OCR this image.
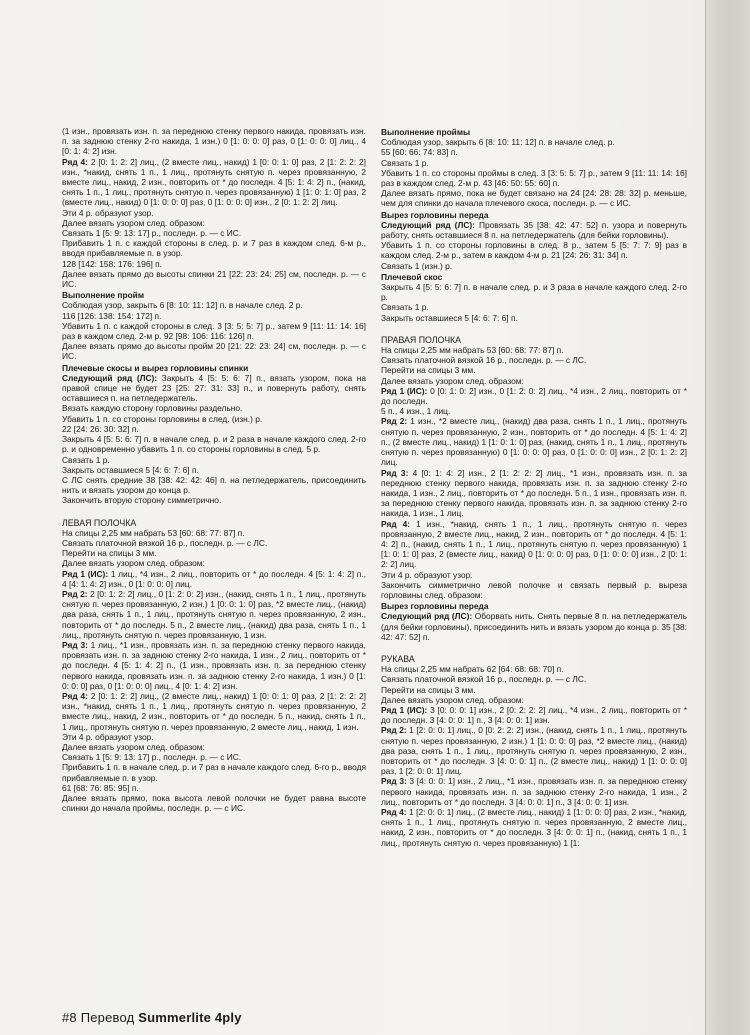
(1 изн., провязать изн. п. за переднюю стенку первого накида, провязать изн. п. за заднюю стенку 2-го накида, 1 изн.) 0 [1: 0: 0: 0] раз, 0 [1: 0: 0: 0] лиц., 4 [0: 1: 4: 2] изн.

Ряд 4: 2 [0: 1: 2: 2] лиц., (2 вместе лиц., накид) 1 [0: 0: 1: 0] раз, 2 [1: 2: 2: 2] изн., *накид, снять 1 п., 1 лиц., протянуть снятую п. через провязанную, 2 вместе лиц., накид, 2 изн., повторить от * до последн. 4 [5: 1: 4: 2] п., (накид, снять 1 п., 1 лиц., протянуть снятую п. через провязанную) 1 [1: 0: 1: 0] раз, 2 (вместе лиц., накид) 0 [1: 0: 0: 0] раз, 0 [1: 0: 0: 0] изн., 2 [0: 1: 2: 2] лиц.

Эти 4 р. образуют узор.

Далее вязать узором след. образом:

Связать 1 [5: 9: 13: 17] р., последн. р. — с ИС.

Прибавить 1 п. с каждой стороны в след. р. и 7 раз в каждом след. 6-м р., вводя прибавляемые п. в узор.

128 [142: 158: 176: 196] п.

Далее вязать прямо до высоты спинки 21 [22: 23: 24: 25] см, последн. р. — с ИС.

Выполнение пройм

Соблюдая узор, закрыть 6 [8: 10: 11: 12] п. в начале след. 2 р.

116 [126: 138: 154: 172] п.

Убавить 1 п. с каждой стороны в след. 3 [3: 5: 5: 7] р., затем 9 [11: 11: 14: 16] раз в каждом след. 2-м р. 92 [98: 106: 116: 126] п.

Далее вязать прямо до высоты пройм 20 [21: 22: 23: 24] см, последн. р. — с ИС.

Плечевые скосы и вырез горловины спинки

Следующий ряд (ЛС): Закрыть 4 [5: 5: 6: 7] п., вязать узором, пока на правой спице не будет 23 [25: 27: 31: 33] п., и повернуть работу, снять оставшиеся п. на петледержатель.

Вязать каждую сторону горловины раздельно.

Убавить 1 п. со стороны горловины в след. (изн.) р.

22 [24: 26: 30: 32] п.

Закрыть 4 [5: 5: 6: 7] п. в начале след. р. и 2 раза в начале каждого след. 2-го р. и одновременно убавить 1 п. со стороны горловины в след. 5 р.

Связать 1 р.

Закрыть оставшиеся 5 [4: 6: 7: 6] п.

С ЛС снять средние 38 [38: 42: 42: 46] п. на петледержатель, присоединить нить и вязать узором до конца р.

Закончить вторую сторону симметрично.

ЛЕВАЯ ПОЛОЧКА

На спицы 2,25 мм набрать 53 [60: 68: 77: 87] п.

Связать платочной вязкой 16 р., последн. р. — с ЛС.

Перейти на спицы 3 мм.

Далее вязать узором след. образом:

Ряд 1 (ИС): 1 лиц., *4 изн., 2 лиц., повторить от * до последн. 4 [5: 1: 4: 2] п., 4 [4: 1: 4: 2] изн., 0 [1: 0: 0: 0] лиц.

Ряд 2: 2 [0: 1: 2: 2] лиц., 0 [1: 2: 0: 2] изн., (накид, снять 1 п., 1 лиц., протянуть снятую п. через провязанную, 2 изн.) 1 [0: 0: 1: 0] раз, *2 вместе лиц., (накид) два раза, снять 1 п., 1 лиц., протянуть снятую п. через провязанную, 2 изн., повторить от * до последн. 5 п., 2 вместе лиц., (накид) два раза, снять 1 п., 1 лиц., протянуть снятую п. через провязанную, 1 изн.

Ряд 3: 1 лиц., *1 изн., провязать изн. п. за переднюю стенку первого накида, провязать изн. п. за заднюю стенку 2-го накида, 1 изн., 2 лиц., повторить от * до последн. 4 [5: 1: 4: 2] п., (1 изн., провязать изн. п. за переднюю стенку первого накида, провязать изн. п. за заднюю стенку 2-го накида, 1 изн.) 0 [1: 0: 0: 0] раз, 0 [1: 0: 0: 0] лиц., 4 [0: 1: 4: 2] изн.

Ряд 4: 2 [0: 1: 2: 2] лиц., (2 вместе лиц., накид) 1 [0: 0: 1: 0] раз, 2 [1: 2: 2: 2] изн., *накид, снять 1 п., 1 лиц., протянуть снятую п. через провязанную, 2 вместе лиц., накид, 2 изн., повторить от * до последн. 5 п., накид, снять 1 п., 1 лиц., протянуть снятую п. через провязанную, 2 вместе лиц., накид, 1 изн.

Эти 4 р. образуют узор.

Далее вязать узором след. образом:

Связать 1 [5: 9: 13: 17] р., последн. р. — с ИС.

Прибавить 1 п. в начале след. р. и 7 раз в начале каждого след. 6-го р., вводя прибавляемые п. в узор.

61 [68: 76: 85: 95] п.

Далее вязать прямо, пока высота левой полочки не будет равна высоте спинки до начала проймы, последн. р. — с ИС.

Выполнение проймы

Соблюдая узор, закрыть 6 [8: 10: 11: 12] п. в начале след. р.

55 [60: 66: 74: 83] п.

Связать 1 р.

Убавить 1 п. со стороны проймы в след. 3 [3: 5: 5: 7] р., затем 9 [11: 11: 14: 16] раз в каждом след. 2-м р. 43 [46: 50: 55: 60] п.

Далее вязать прямо, пока не будет связано на 24 [24: 28: 28: 32] р. меньше, чем для спинки до начала плечевого скоса, последн. р. — с ИС.

Вырез горловины переда

Следующий ряд (ЛС): Провязать 35 [38: 42: 47: 52] п. узора и повернуть работу, снять оставшиеся 8 п. на петледержатель (для бейки горловины).

Убавить 1 п. со стороны горловины в след. 8 р., затем 5 [5: 7: 7: 9] раз в каждом след. 2-м р., затем в каждом 4-м р. 21 [24: 26: 31: 34] п.

Связать 1 (изн.) р.

Плечевой скос

Закрыть 4 [5: 5: 6: 7] п. в начале след. р. и 3 раза в начале каждого след. 2-го р.

Связать 1 р.

Закрыть оставшиеся 5 [4: 6: 7: 6] п.

ПРАВАЯ ПОЛОЧКА

На спицы 2,25 мм набрать 53 [60: 68: 77: 87] п.

Связать платочной вязкой 16 р., последн. р. — с ЛС.

Перейти на спицы 3 мм.

Далее вязать узором след. образом:

Ряд 1 (ИС): 0 [0: 1: 0: 2] изн., 0 [1: 2: 0: 2] лиц., *4 изн., 2 лиц., повторить от * до последн.

5 п., 4 изн., 1 лиц.

Ряд 2: 1 изн., *2 вместе лиц., (накид) два раза, снять 1 п., 1 лиц., протянуть снятую п. через провязанную, 2 изн., повторить от * до последн. 4 [5: 1: 4: 2] п., (2 вместе лиц., накид) 1 [1: 0: 1: 0] раз, (накид, снять 1 п., 1 лиц., протянуть снятую п. через провязанную) 0 [1: 0: 0: 0] раз, 0 [1: 0: 0: 0] изн., 2 [0: 1: 2: 2] лиц.

Ряд 3: 4 [0: 1: 4: 2] изн., 2 [1: 2: 2: 2] лиц., *1 изн., провязать изн. п. за переднюю стенку первого накида, провязать изн. п. за заднюю стенку 2-го накида, 1 изн., 2 лиц., повторить от * до последн. 5 п., 1 изн., провязать изн. п. за переднюю стенку первого накида, провязать изн. п. за заднюю стенку 2-го накида, 1 изн., 1 лиц.

Ряд 4: 1 изн., *накид, снять 1 п., 1 лиц., протянуть снятую п. через провязанную, 2 вместе лиц., накид, 2 изн., повторить от * до последн. 4 [5: 1: 4: 2] п., (накид, снять 1 п., 1 лиц., протянуть снятую п. через провязанную) 1 [1: 0: 1: 0] раз, 2 (вместе лиц., накид) 0 [1: 0: 0: 0] раз, 0 [1: 0: 0: 0] изн., 2 [0: 1: 2: 2] лиц.

Эти 4 р. образуют узор.

Закончить симметрично левой полочке и связать первый р. выреза горловины след. образом:

Вырез горловины переда

Следующий ряд (ЛС): Оборвать нить. Снять первые 8 п. на петледержатель (для бейки горловины), присоединить нить и вязать узором до конца р. 35 [38: 42: 47: 52] п.

РУКАВА

На спицы 2,25 мм набрать 62 [64: 68: 68: 70] п.

Связать платочной вязкой 16 р., последн. р. — с ЛС.

Перейти на спицы 3 мм.

Далее вязать узором след. образом:

Ряд 1 (ИС): 3 [0: 0: 0: 1] изн., 2 [0: 2: 2: 2] лиц., *4 изн., 2 лиц., повторить от * до последн. 3 [4: 0: 0: 1] п., 3 [4: 0: 0: 1] изн.

Ряд 2: 1 [2: 0: 0: 1] лиц., 0 [0: 2: 2: 2] изн., (накид, снять 1 п., 1 лиц., протянуть снятую п. через провязанную, 2 изн.) 1 [1: 0: 0: 0] раз, *2 вместе лиц., (накид) два раза, снять 1 п., 1 лиц., протянуть снятую п. через провязанную, 2 изн., повторить от * до последн. 3 [4: 0: 0: 1] п., (2 вместе лиц., накид) 1 [1: 0: 0: 0] раз, 1 [2: 0: 0: 1] лиц.

Ряд 3: 3 [4: 0: 0: 1] изн., 2 лиц., *1 изн., провязать изн. п. за переднюю стенку первого накида, провязать изн. п. за заднюю стенку 2-го накида, 1 изн., 2 лиц., повторить от * до последн. 3 [4: 0: 0: 1] п., 3 [4: 0: 0: 1] изн.

Ряд 4: 1 [2: 0: 0: 1] лиц., (2 вместе лиц., накид) 1 [1: 0: 0: 0] раз, 2 изн., *накид, снять 1 п., 1 лиц., протянуть снятую п. через провязанную, 2 вместе лиц., накид, 2 изн., повторить от * до последн. 3 [4: 0: 0: 1] п., (накид, снять 1 п., 1 лиц., протянуть снятую п. через провязанную) 1 [1:

#8 Перевод Summerlite 4ply
